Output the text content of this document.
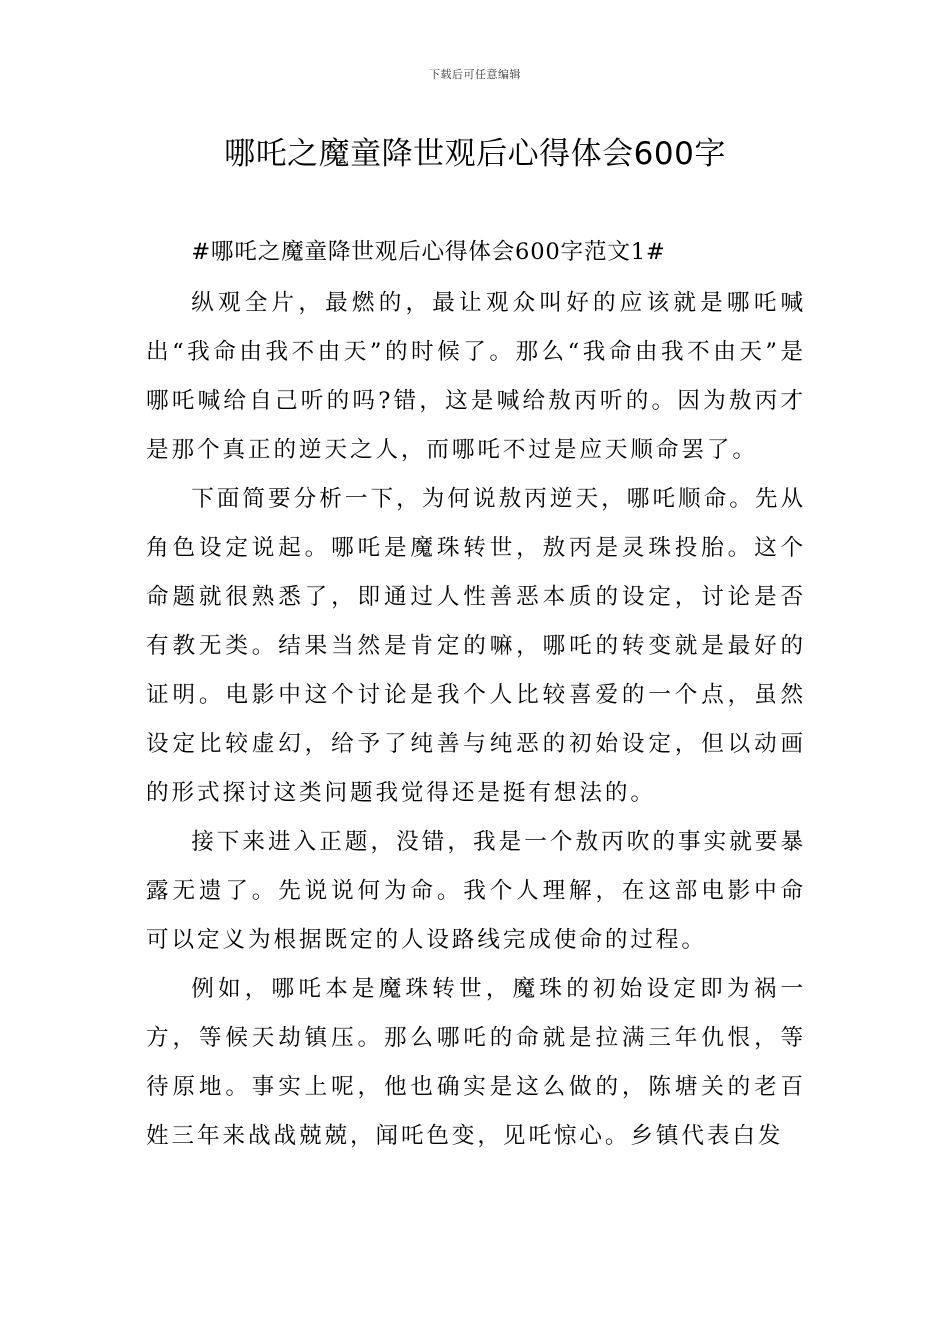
下载后可任意编辑
哪吒之魔童降世观后心得体会600字

#哪吒之魔童降世观后心得体会600字范文1#

纵观全片，最燃的，最让观众叫好的应该就是哪吒喊出“我命由我不由天”的时候了。那么“我命由我不由天”是哪吒喊给自己听的吗?错，这是喊给敖丙听的。因为敖丙才是那个真正的逆天之人，而哪吒不过是应天顺命罢了。

下面简要分析一下，为何说敖丙逆天，哪吒顺命。先从角色设定说起。哪吒是魔珠转世，敖丙是灵珠投胎。这个命题就很熟悉了，即通过人性善恶本质的设定，讨论是否有教无类。结果当然是肯定的嘛，哪吒的转变就是最好的证明。电影中这个讨论是我个人比较喜爱的一个点，虽然设定比较虚幻，给予了纯善与纯恶的初始设定，但以动画的形式探讨这类问题我觉得还是挺有想法的。

接下来进入正题，没错，我是一个敖丙吹的事实就要暴露无遗了。先说说何为命。我个人理解，在这部电影中命可以定义为根据既定的人设路线完成使命的过程。

例如，哪吒本是魔珠转世，魔珠的初始设定即为祸一方，等候天劫镇压。那么哪吒的命就是拉满三年仇恨，等待原地。事实上呢，他也确实是这么做的，陈塘关的老百姓三年来战战兢兢，闻吒色变，见吒惊心。乡镇代表白发
